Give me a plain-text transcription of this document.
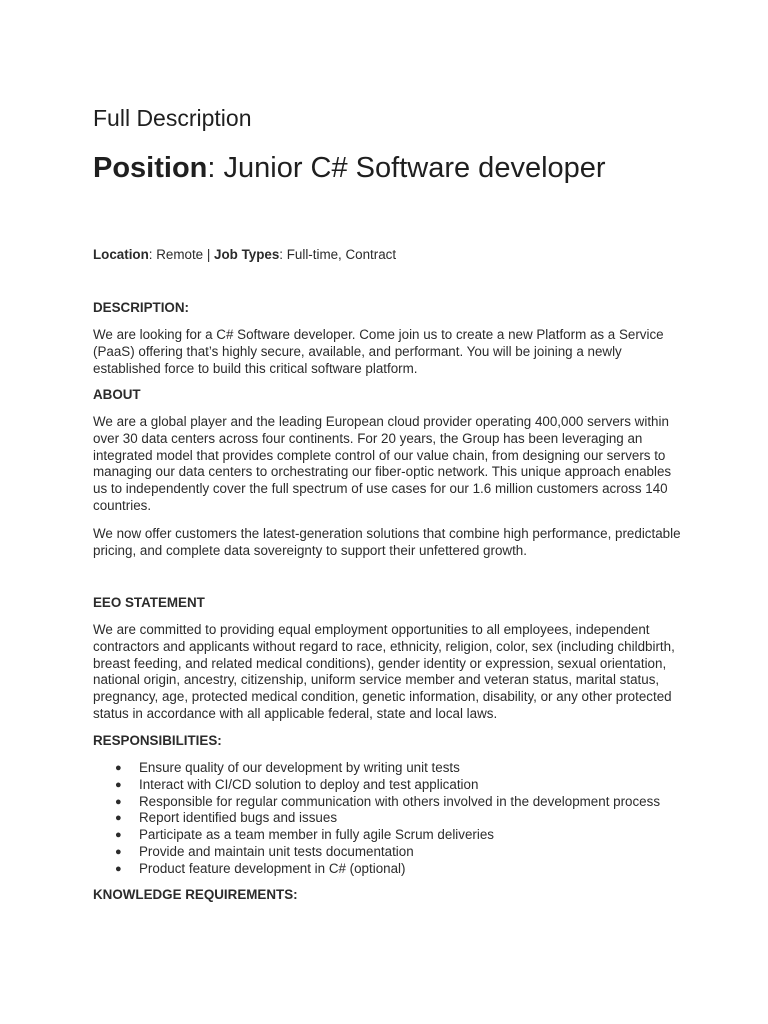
Full Description
Position: Junior C# Software developer
Location: Remote | Job Types: Full-time, Contract
DESCRIPTION:
We are looking for a C# Software developer. Come join us to create a new Platform as a Service (PaaS) offering that’s highly secure, available, and performant. You will be joining a newly established force to build this critical software platform.
ABOUT
We are a global player and the leading European cloud provider operating 400,000 servers within over 30 data centers across four continents. For 20 years, the Group has been leveraging an integrated model that provides complete control of our value chain, from designing our servers to managing our data centers to orchestrating our fiber-optic network. This unique approach enables us to independently cover the full spectrum of use cases for our 1.6 million customers across 140 countries.
We now offer customers the latest-generation solutions that combine high performance, predictable pricing, and complete data sovereignty to support their unfettered growth.
EEO STATEMENT
We are committed to providing equal employment opportunities to all employees, independent contractors and applicants without regard to race, ethnicity, religion, color, sex (including childbirth, breast feeding, and related medical conditions), gender identity or expression, sexual orientation, national origin, ancestry, citizenship, uniform service member and veteran status, marital status, pregnancy, age, protected medical condition, genetic information, disability, or any other protected status in accordance with all applicable federal, state and local laws.
RESPONSIBILITIES:
● Ensure quality of our development by writing unit tests
● Interact with CI/CD solution to deploy and test application
● Responsible for regular communication with others involved in the development process
● Report identified bugs and issues
● Participate as a team member in fully agile Scrum deliveries
● Provide and maintain unit tests documentation
● Product feature development in C# (optional)
KNOWLEDGE REQUIREMENTS:
